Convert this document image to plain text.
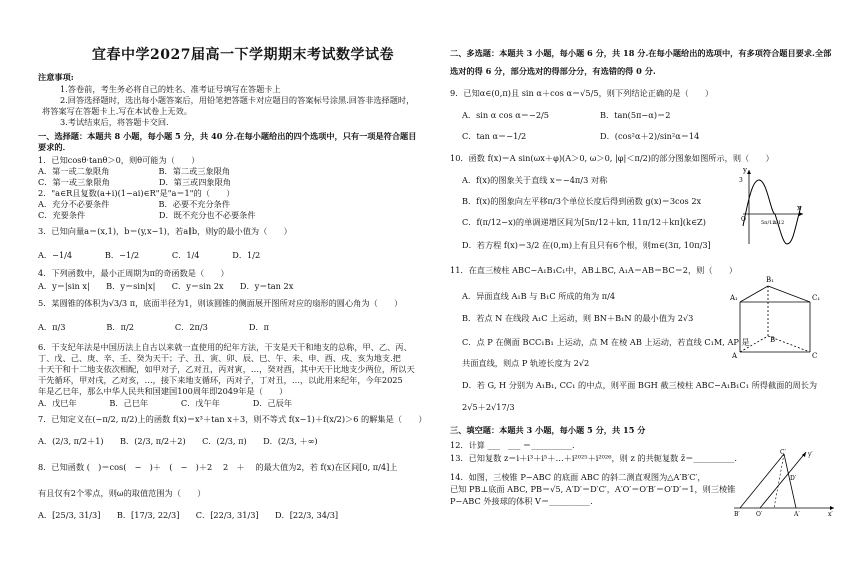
宜春中学2027届高一下学期期末考试数学试卷
注意事项:
1.答卷前，考生务必将自己的姓名、准考证号填写在答题卡上
2.回答选择题时，选出每小题答案后，用铅笔把答题卡对应题目的答案标号涂黑.回答非选择题时，
将答案写在答题卡上.写在本试卷上无效。
3.考试结束后，将答题卡交回.
一、选择题：本题共 8 小题，每小题 5 分，共 40 分.在每小题给出的四个选项中，只有一项是符合题目
要求的．
1．已知cosθ·tanθ＞0，则θ可能为（　　）
A．第一或二象限角　　　　　　B．第二或三象限角
C．第一或三象限角　　　　　　D．第三或四象限角
2．"a∈R且复数(a+i)(1−ai)∈R"是"a＝1"的（　　）
A．充分不必要条件　　　　　　B．必要不充分条件
C．充要条件　　　　　　　　　D．既不充分也不必要条件
3．已知向量a＝(x,1)，b＝(y,x−1)，若a∥b，则y的最小值为（　　）
A．−1/4　　　　B．−1/2　　　　C．1/4　　　　D．1/2
4．下列函数中，最小正周期为π的奇函数是（　　）
A．y＝|sin x|　　B．y＝sin|x|　　C．y＝sin 2x　　D．y＝tan 2x
5．某圆锥的体积为√3/3 π，底面半径为1，则该圆锥的侧面展开图所对应的扇形的圆心角为（　　）
A．π/3　　　　　B．π/2　　　　　C．2π/3　　　　　D．π
6．干支纪年法是中国历法上自古以来就一直使用的纪年方法，干支是天干和地支的总称，甲、乙、丙、
丁、戊、己、庚、辛、壬、癸为天干；子、丑、寅、卯、辰、巳、午、未、申、酉、戌、亥为地支.把
十天干和十二地支依次相配，如甲对子，乙对丑，丙对寅，…，癸对酉，其中天干比地支少两位，所以天
干先循环，甲对戌，乙对亥，…，接下来地支循环，丙对子，丁对丑，…，以此用来纪年，今年2025
年是乙巳年，那么中华人民共和国建国100周年即2049年是（　　）
A．戊巳年　　　　B．己巳年　　　　C．戊午年　　　　D．己辰年
7．已知定义在(−π/2, π/2)上的函数 f(x)＝x³＋tan x＋3，则不等式 f(x−1)＋f(x/2)＞6 的解集是（　　）
A．(2/3, π/2＋1)　　B．(2/3, π/2＋2)　　C．(2/3, π)　　D．(2/3, ＋∞)
8．已知函数 (　)＝cos(　−　)＋　(　−　)＋2　 2　＋　 的最大值为2，若 f(x)在区间[0, π/4]上
有且仅有2个零点，则ω的取值范围为（　　）
A．[25/3, 31/3]　　B．[17/3, 22/3]　　C．[22/3, 31/3]　　D．[22/3, 34/3]
二、多选题：本题共 3 小题，每小题 6 分，共 18 分.在每小题给出的选项中，有多项符合题目要求.全部
选对的得 6 分，部分选对的得部分分，有选错的得 0 分.
9．已知α∈(0,π)且 sin α＋cos α＝√5/5，则下列结论正确的是（　　）
A．sin α cos α＝−2/5	B．tan(5π−α)＝2
C．tan α＝−1/2	D．(cos²α＋2)/sin²α＝14
10．函数 f(x)＝A sin(ωx＋φ)(A＞0, ω＞0, |φ|＜π/2)的部分图象如图所示，则（　　）
A．f(x)的图象关于直线 x＝−4π/3 对称
B．f(x)的图象向左平移π/3个单位长度后得到函数 g(x)＝3cos 2x
C．f(π/12−x)的单调递增区间为[5π/12＋kπ, 11π/12＋kπ](k∈Z)
D．若方程 f(x)＝3/2 在(0,m)上有且只有6个根，则m∈(3π, 10π/3]
11．在直三棱柱 ABC−A₁B₁C₁中，AB⊥BC, A₁A＝AB＝BC＝2，则（　　）
A．异面直线 A₁B 与 B₁C 所成的角为 π/4
B．若点 N 在线段 A₁C 上运动，则 BN＋B₁N 的最小值为 2√3
C．点 P 在侧面 BCC₁B₁ 上运动，点 M 在棱 AB 上运动，若直线 C₁M, AP 是
共面直线，则点 P 轨迹长度为 2√2
D．若 G, H 分别为 A₁B₁, CC₁ 的中点，则平面 BGH 截三棱柱 ABC−A₁B₁C₁ 所得截面的周长为
2√5＋2√17/3
三、填空题：本题共 3 小题，每小题 5 分，共 15 分
12．计算 ___　___ ＝__________.
13．已知复数 z＝i＋i³＋i⁵＋…＋i²⁰²⁵＋i²⁰²⁶，则 z 的共轭复数 z̄＝__________.
14．如图，三棱锥 P−ABC 的底面 ABC 的斜二测直观图为△A′B′C′，
已知 PB⊥底面 ABC, PB＝√5, A′D′＝D′C′，A′O′＝O′B′＝O′D′＝1，则三棱锥
P−ABC 外接球的体积 V＝__________.
y
x
O	5π/12
π/12
3
B₁
A₁	C₁
A
B
C
C′
D′
B′	O′	A′	x′
y′
